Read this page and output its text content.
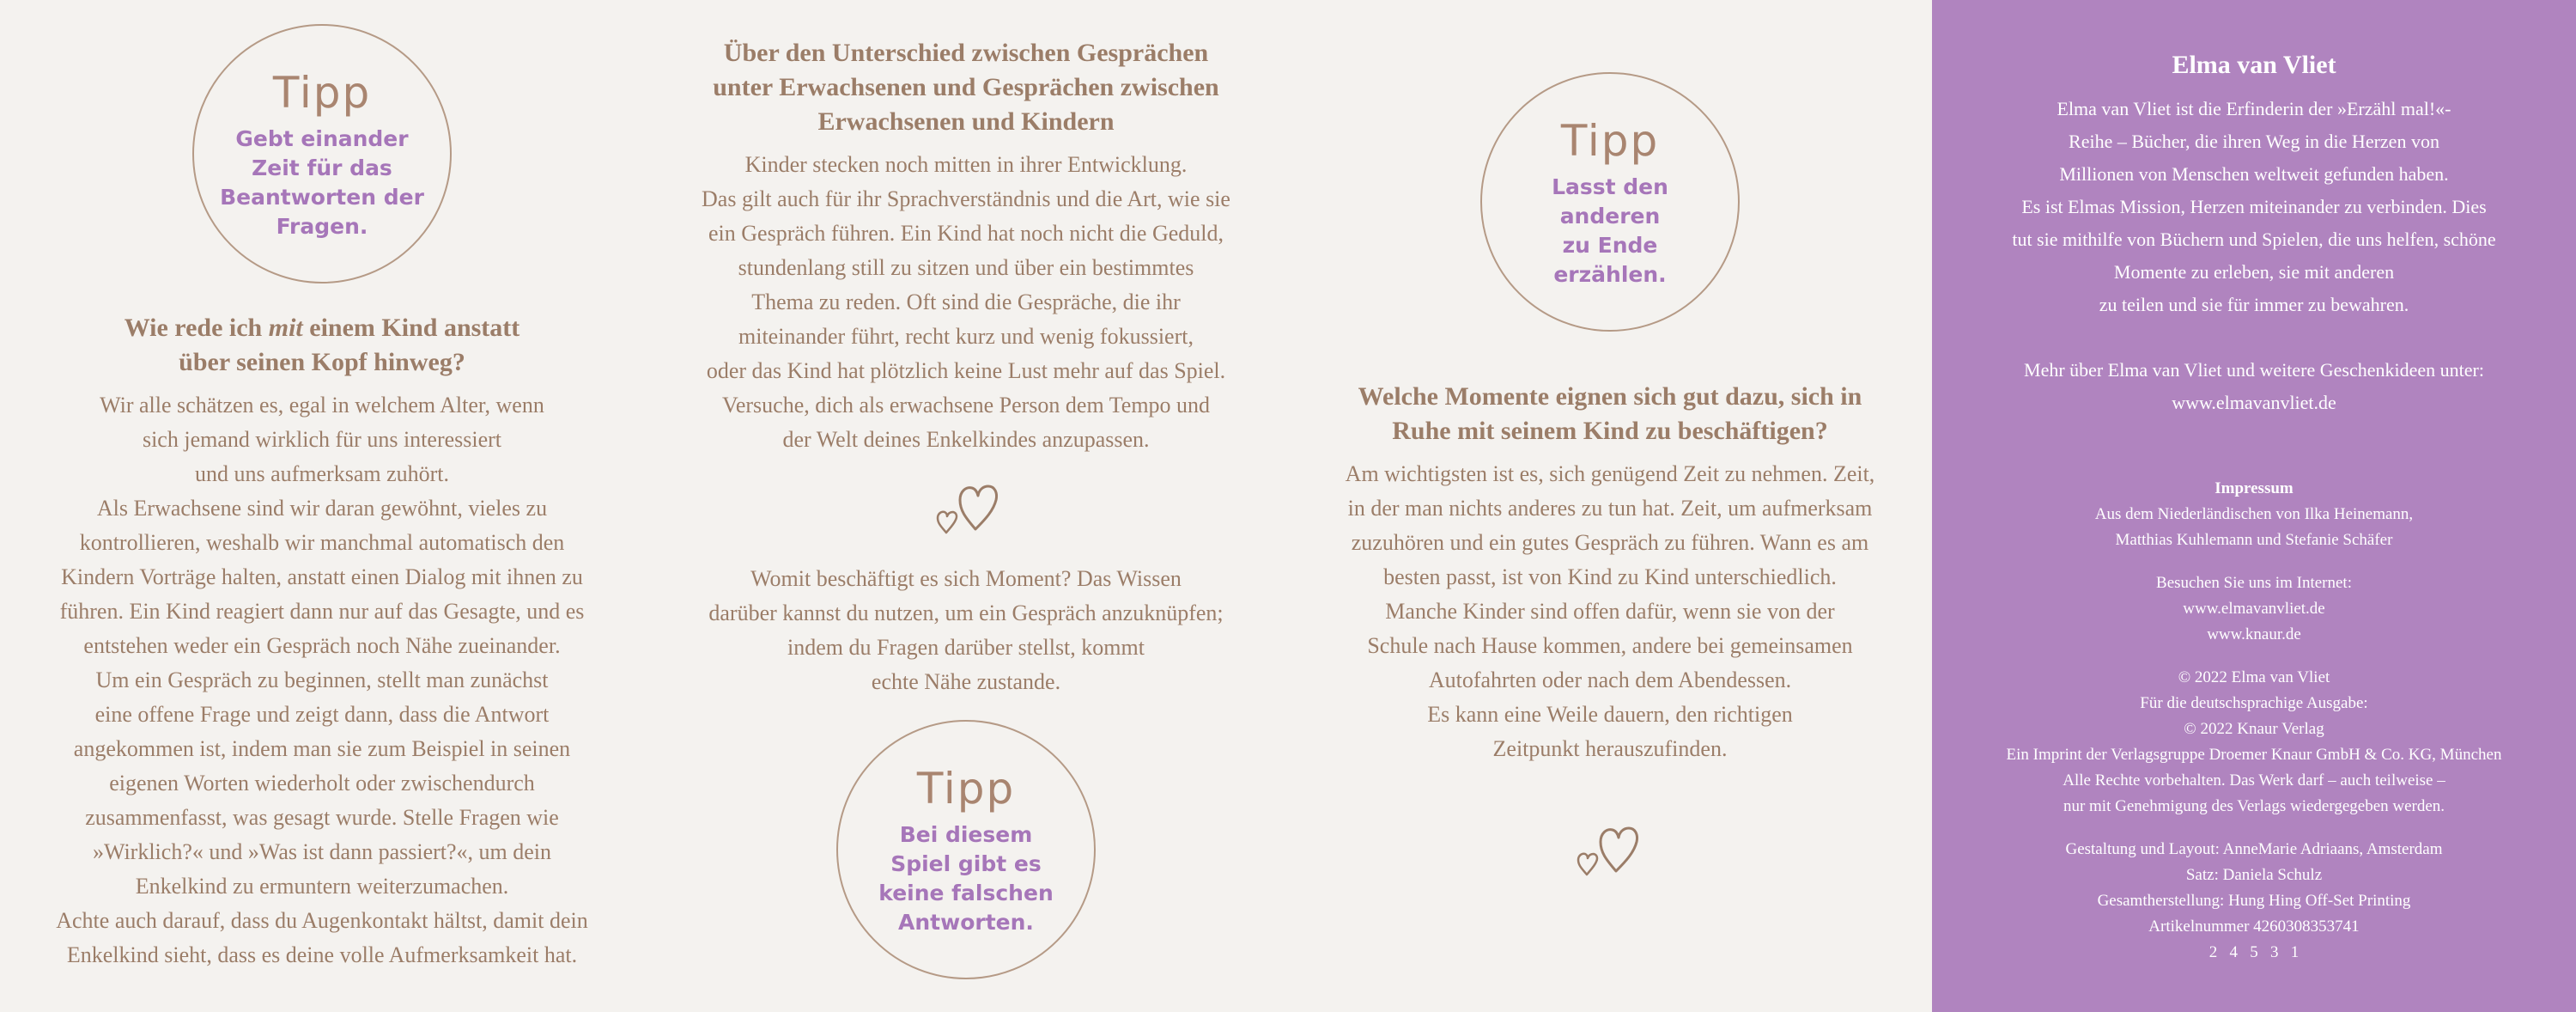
Tipp
Gebt einander
Zeit für das
Beantworten der
Fragen.

Wie rede ich mit einem Kind anstatt

über seinen Kopf hinweg?

Wir alle schätzen es, egal in welchem Alter, wenn

sich jemand wirklich für uns interessiert

und uns aufmerksam zuhört.

Als Erwachsene sind wir daran gewöhnt, vieles zu

kontrollieren, weshalb wir manchmal automatisch den

Kindern Vorträge halten, anstatt einen Dialog mit ihnen zu

führen. Ein Kind reagiert dann nur auf das Gesagte, und es

entstehen weder ein Gespräch noch Nähe zueinander.

Um ein Gespräch zu beginnen, stellt man zunächst

eine offene Frage und zeigt dann, dass die Antwort

angekommen ist, indem man sie zum Beispiel in seinen

eigenen Worten wiederholt oder zwischendurch

zusammenfasst, was gesagt wurde. Stelle Fragen wie

»Wirklich?« und »Was ist dann passiert?«, um dein

Enkelkind zu ermuntern weiterzumachen.

Achte auch darauf, dass du Augenkontakt hältst, damit dein

Enkelkind sieht, dass es deine volle Aufmerksamkeit hat.

Über den Unterschied zwischen Gesprächen

unter Erwachsenen und Gesprächen zwischen

Erwachsenen und Kindern

Kinder stecken noch mitten in ihrer Entwicklung.

Das gilt auch für ihr Sprachverständnis und die Art, wie sie

ein Gespräch führen. Ein Kind hat noch nicht die Geduld,

stundenlang still zu sitzen und über ein bestimmtes

Thema zu reden. Oft sind die Gespräche, die ihr

miteinander führt, recht kurz und wenig fokussiert,

oder das Kind hat plötzlich keine Lust mehr auf das Spiel.

Versuche, dich als erwachsene Person dem Tempo und

der Welt deines Enkelkindes anzupassen.

Womit beschäftigt es sich Moment? Das Wissen

darüber kannst du nutzen, um ein Gespräch anzuknüpfen;

indem du Fragen darüber stellst, kommt

echte Nähe zustande.

Tipp
Bei diesem
Spiel gibt es
keine falschen
Antworten.
Tipp
Lasst den
anderen
zu Ende
erzählen.

Welche Momente eignen sich gut dazu, sich in

Ruhe mit seinem Kind zu beschäftigen?

Am wichtigsten ist es, sich genügend Zeit zu nehmen. Zeit,

in der man nichts anderes zu tun hat. Zeit, um aufmerksam

zuzuhören und ein gutes Gespräch zu führen. Wann es am

besten passt, ist von Kind zu Kind unterschiedlich.

Manche Kinder sind offen dafür, wenn sie von der

Schule nach Hause kommen, andere bei gemeinsamen

Autofahrten oder nach dem Abendessen.

Es kann eine Weile dauern, den richtigen

Zeitpunkt herauszufinden.

Elma van Vliet

Elma van Vliet ist die Erfinderin der »Erzähl mal!«-

Reihe – Bücher, die ihren Weg in die Herzen von

Millionen von Menschen weltweit gefunden haben.

Es ist Elmas Mission, Herzen miteinander zu verbinden. Dies

tut sie mithilfe von Büchern und Spielen, die uns helfen, schöne

Momente zu erleben, sie mit anderen

zu teilen und sie für immer zu bewahren.

Mehr über Elma van Vliet und weitere Geschenkideen unter:

www.elmavanvliet.de

Impressum

Aus dem Niederländischen von Ilka Heinemann,

Matthias Kuhlemann und Stefanie Schäfer

Besuchen Sie uns im Internet:

www.elmavanvliet.de

www.knaur.de

© 2022 Elma van Vliet

Für die deutschsprachige Ausgabe:

© 2022 Knaur Verlag

Ein Imprint der Verlagsgruppe Droemer Knaur GmbH & Co. KG, München

Alle Rechte vorbehalten. Das Werk darf – auch teilweise –

nur mit Genehmigung des Verlags wiedergegeben werden.

Gestaltung und Layout: AnneMarie Adriaans, Amsterdam

Satz: Daniela Schulz

Gesamtherstellung: Hung Hing Off-Set Printing

Artikelnummer 4260308353741

2   4   5   3   1
